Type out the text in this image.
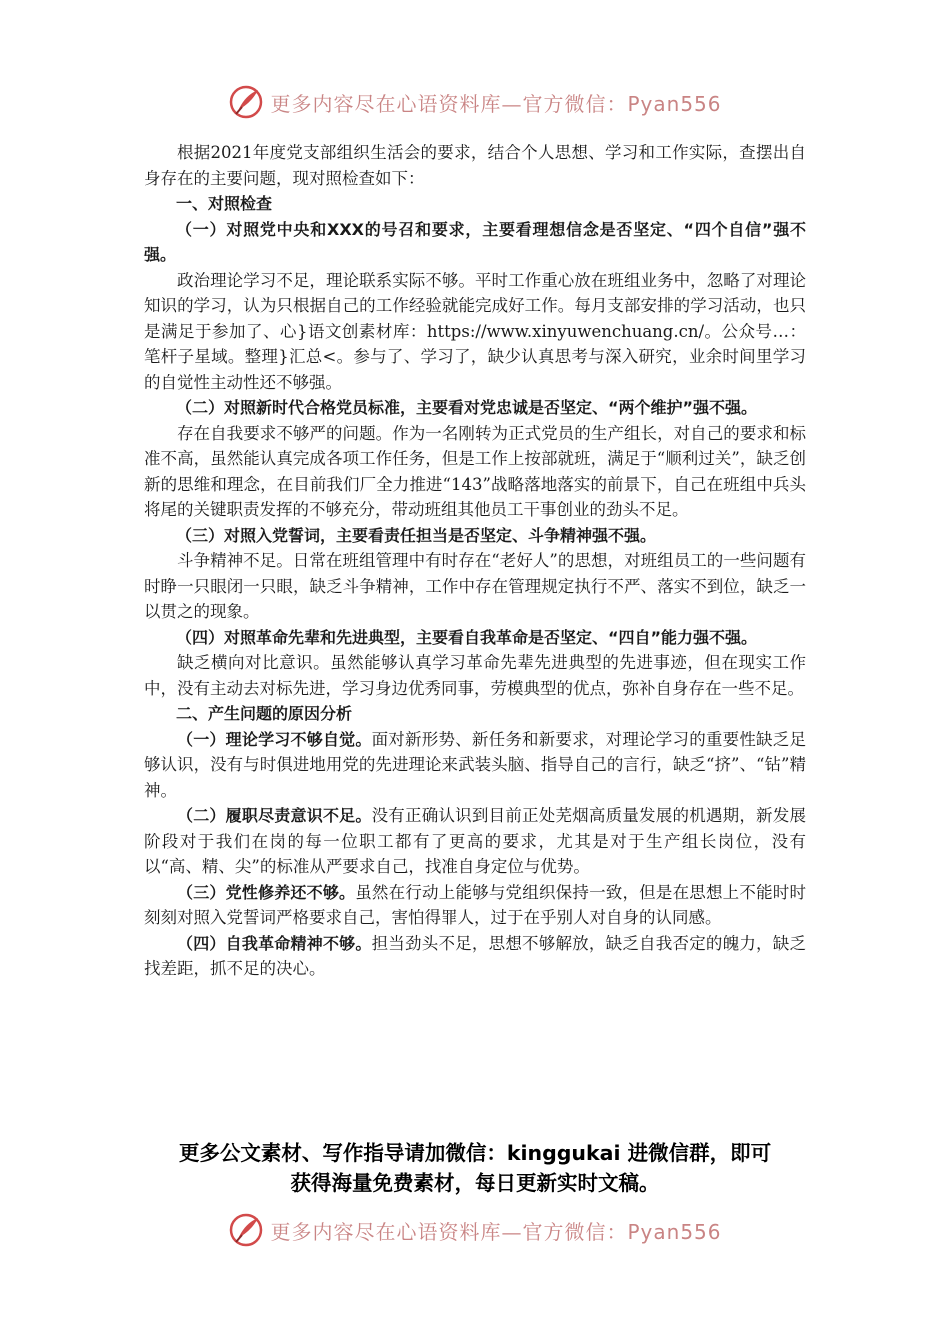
更多内容尽在心语资料库—官方微信：Pyan556

根据2021年度党支部组织生活会的要求，结合个人思想、学习和工作实际，查摆出自身存在的主要问题，现对照检查如下：

一、对照检查

（一）对照党中央和XXX的号召和要求，主要看理想信念是否坚定、“四个自信”强不强。

政治理论学习不足，理论联系实际不够。平时工作重心放在班组业务中，忽略了对理论知识的学习，认为只根据自己的工作经验就能完成好工作。每月支部安排的学习活动，也只是满足于参加了、心}语文创素材库：https://www.xinyuwenchuang.cn/。公众号…：笔杆子星域。整理}汇总<。参与了、学习了，缺少认真思考与深入研究，业余时间里学习的自觉性主动性还不够强。

（二）对照新时代合格党员标准，主要看对党忠诚是否坚定、“两个维护”强不强。

存在自我要求不够严的问题。作为一名刚转为正式党员的生产组长，对自己的要求和标准不高，虽然能认真完成各项工作任务，但是工作上按部就班，满足于“顺利过关”，缺乏创新的思维和理念，在目前我们厂全力推进“143”战略落地落实的前景下，自己在班组中兵头将尾的关键职责发挥的不够充分，带动班组其他员工干事创业的劲头不足。

（三）对照入党誓词，主要看责任担当是否坚定、斗争精神强不强。

斗争精神不足。日常在班组管理中有时存在“老好人”的思想，对班组员工的一些问题有时睁一只眼闭一只眼，缺乏斗争精神，工作中存在管理规定执行不严、落实不到位，缺乏一以贯之的现象。

（四）对照革命先辈和先进典型，主要看自我革命是否坚定、“四自”能力强不强。

缺乏横向对比意识。虽然能够认真学习革命先辈先进典型的先进事迹，但在现实工作中，没有主动去对标先进，学习身边优秀同事，劳模典型的优点，弥补自身存在一些不足。

二、产生问题的原因分析

（一）理论学习不够自觉。面对新形势、新任务和新要求，对理论学习的重要性缺乏足够认识，没有与时俱进地用党的先进理论来武装头脑、指导自己的言行，缺乏“挤”、“钻”精神。

（二）履职尽责意识不足。没有正确认识到目前正处芜烟高质量发展的机遇期，新发展阶段对于我们在岗的每一位职工都有了更高的要求，尤其是对于生产组长岗位，没有以“高、精、尖”的标准从严要求自己，找准自身定位与优势。

（三）党性修养还不够。虽然在行动上能够与党组织保持一致，但是在思想上不能时时刻刻对照入党誓词严格要求自己，害怕得罪人，过于在乎别人对自身的认同感。

（四）自我革命精神不够。担当劲头不足，思想不够解放，缺乏自我否定的魄力，缺乏找差距，抓不足的决心。

更多公文素材、写作指导请加微信：kinggukai 进微信群，即可
获得海量免费素材，每日更新实时文稿。
更多内容尽在心语资料库—官方微信：Pyan556
